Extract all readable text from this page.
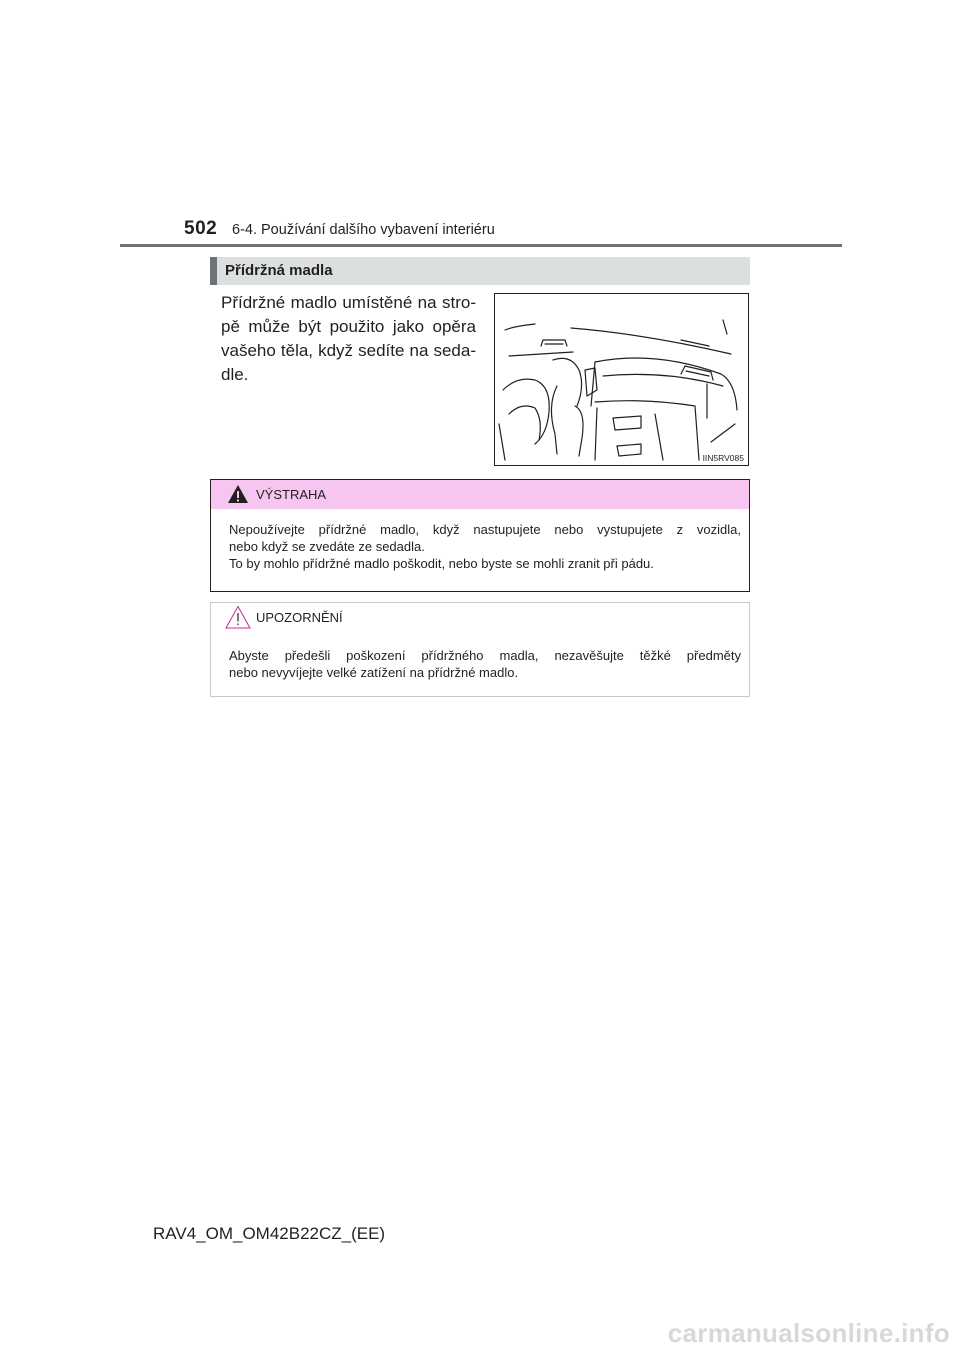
502 6-4. Používání dalšího vybavení interiéru
Přídržná madla
Přídržné madlo umístěné na stro-
pě může být použito jako opěra
vašeho těla, když sedíte na seda-
dle.
IIN5RV085
VÝSTRAHA
Nepoužívejte přídržné madlo, když nastupujete nebo vystupujete z vozidla,
nebo když se zvedáte ze sedadla.
To by mohlo přídržné madlo poškodit, nebo byste se mohli zranit při pádu.
UPOZORNĚNÍ
Abyste předešli poškození přídržného madla, nezavěšujte těžké předměty
nebo nevyvíjejte velké zatížení na přídržné madlo.
RAV4_OM_OM42B22CZ_(EE)
carmanualsonline.info
